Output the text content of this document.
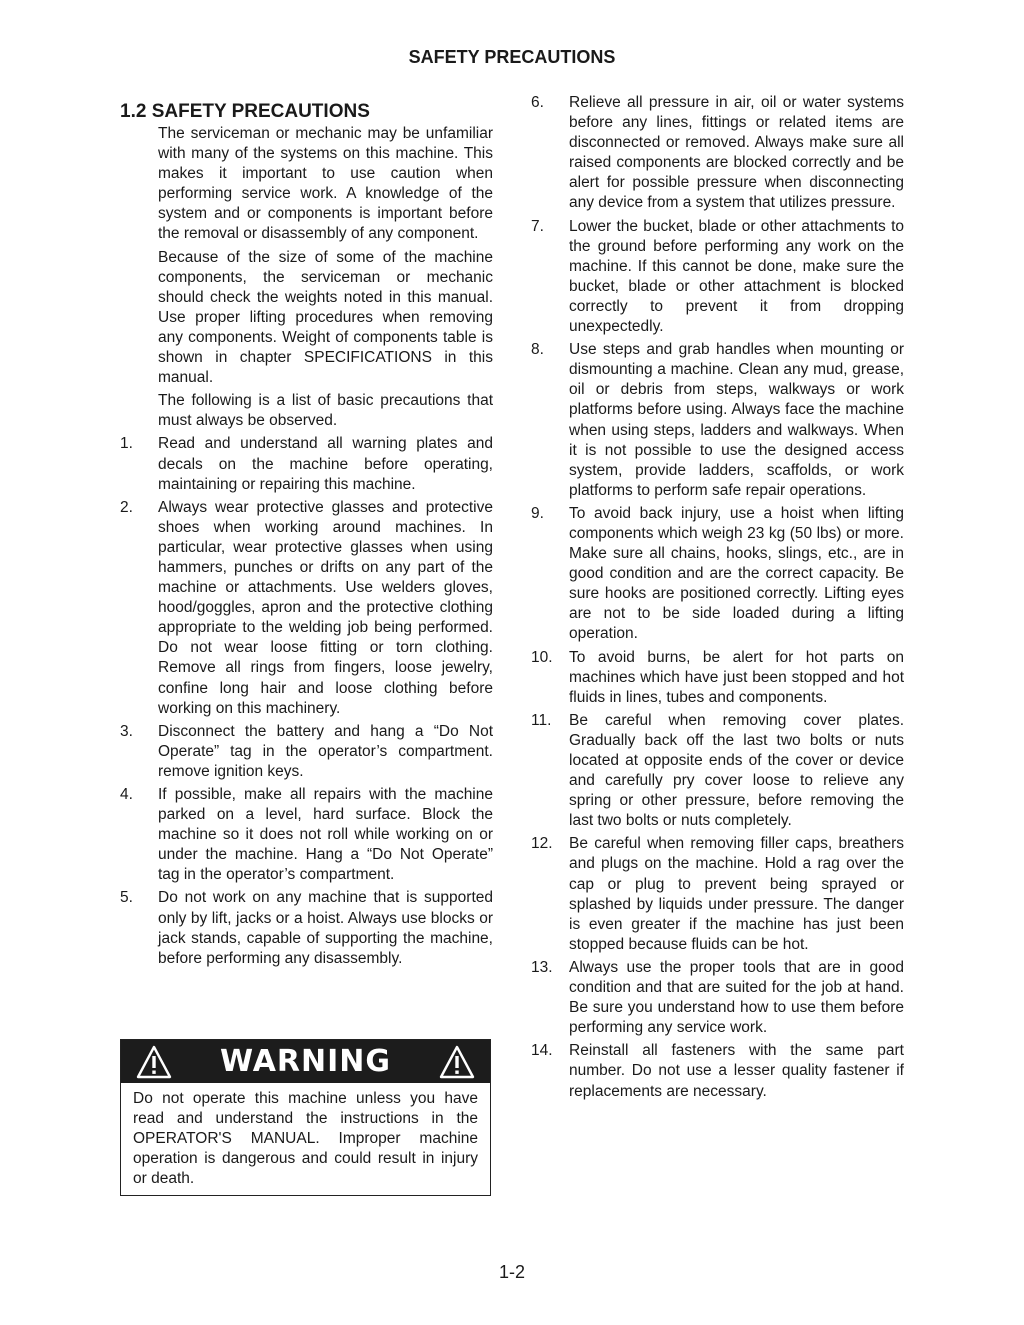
SAFETY PRECAUTIONS
1.2 SAFETY PRECAUTIONS

The serviceman or mechanic may be unfamiliar with many of the systems on this machine. This makes it important to use caution when performing service work. A knowledge of the system and or components is important before the removal or disassembly of any component.

Because of the size of some of the machine components, the serviceman or mechanic should check the weights noted in this manual. Use proper lifting procedures when removing any components. Weight of components table is shown in chapter SPECIFICATIONS in this manual.

The following is a list of basic precautions that must always be observed.

1.	Read and understand all warning plates and decals on the machine before operating, maintaining or repairing this machine.
2.	Always wear protective glasses and protective shoes when working around machines. In particular, wear protective glasses when using hammers, punches or drifts on any part of the machine or attachments. Use welders gloves, hood/goggles, apron and the protective clothing appropriate to the welding job being performed. Do not wear loose fitting or torn clothing. Remove all rings from fingers, loose jewelry, confine long hair and loose clothing before working on this machinery.
3.	Disconnect the battery and hang a “Do Not Operate” tag in the operator’s compartment. remove ignition keys.
4.	If possible, make all repairs with the machine parked on a level, hard surface. Block the machine so it does not roll while working on or under the machine. Hang a “Do Not Operate” tag in the operator’s compartment.
5.	Do not work on any machine that is supported only by lift, jacks or a hoist. Always use blocks or jack stands, capable of supporting the machine, before performing any disassembly.
WARNING
Do not operate this machine unless you have read and understand the instructions in the OPERATOR'S MANUAL. Improper machine operation is dangerous and could result in injury or death.
6.	Relieve all pressure in air, oil or water systems before any lines, fittings or related items are disconnected or removed. Always make sure all raised components are blocked correctly and be alert for possible pressure when disconnecting any device from a system that utilizes pressure.
7.	Lower the bucket, blade or other attachments to the ground before performing any work on the machine. If this cannot be done, make sure the bucket, blade or other attachment is blocked correctly to prevent it from dropping unexpectedly.
8.	Use steps and grab handles when mounting or dismounting a machine. Clean any mud, grease, oil or debris from steps, walkways or work platforms before using. Always face the machine when using steps, ladders and walkways. When it is not possible to use the designed access system, provide ladders, scaffolds, or work platforms to perform safe repair operations.
9.	To avoid back injury, use a hoist when lifting components which weigh 23 kg (50 lbs) or more. Make sure all chains, hooks, slings, etc., are in good condition and are the correct capacity. Be sure hooks are positioned correctly. Lifting eyes are not to be side loaded during a lifting operation.
10.	To avoid burns, be alert for hot parts on machines which have just been stopped and hot fluids in lines, tubes and components.
11.	Be careful when removing cover plates. Gradually back off the last two bolts or nuts located at opposite ends of the cover or device and carefully pry cover loose to relieve any spring or other pressure, before removing the last two bolts or nuts completely.
12.	Be careful when removing filler caps, breathers and plugs on the machine. Hold a rag over the cap or plug to prevent being sprayed or splashed by liquids under pressure. The danger is even greater if the machine has just been stopped because fluids can be hot.
13.	Always use the proper tools that are in good condition and that are suited for the job at hand. Be sure you understand how to use them before performing any service work.
14.	Reinstall all fasteners with the same part number. Do not use a lesser quality fastener if replacements are necessary.
1-2
